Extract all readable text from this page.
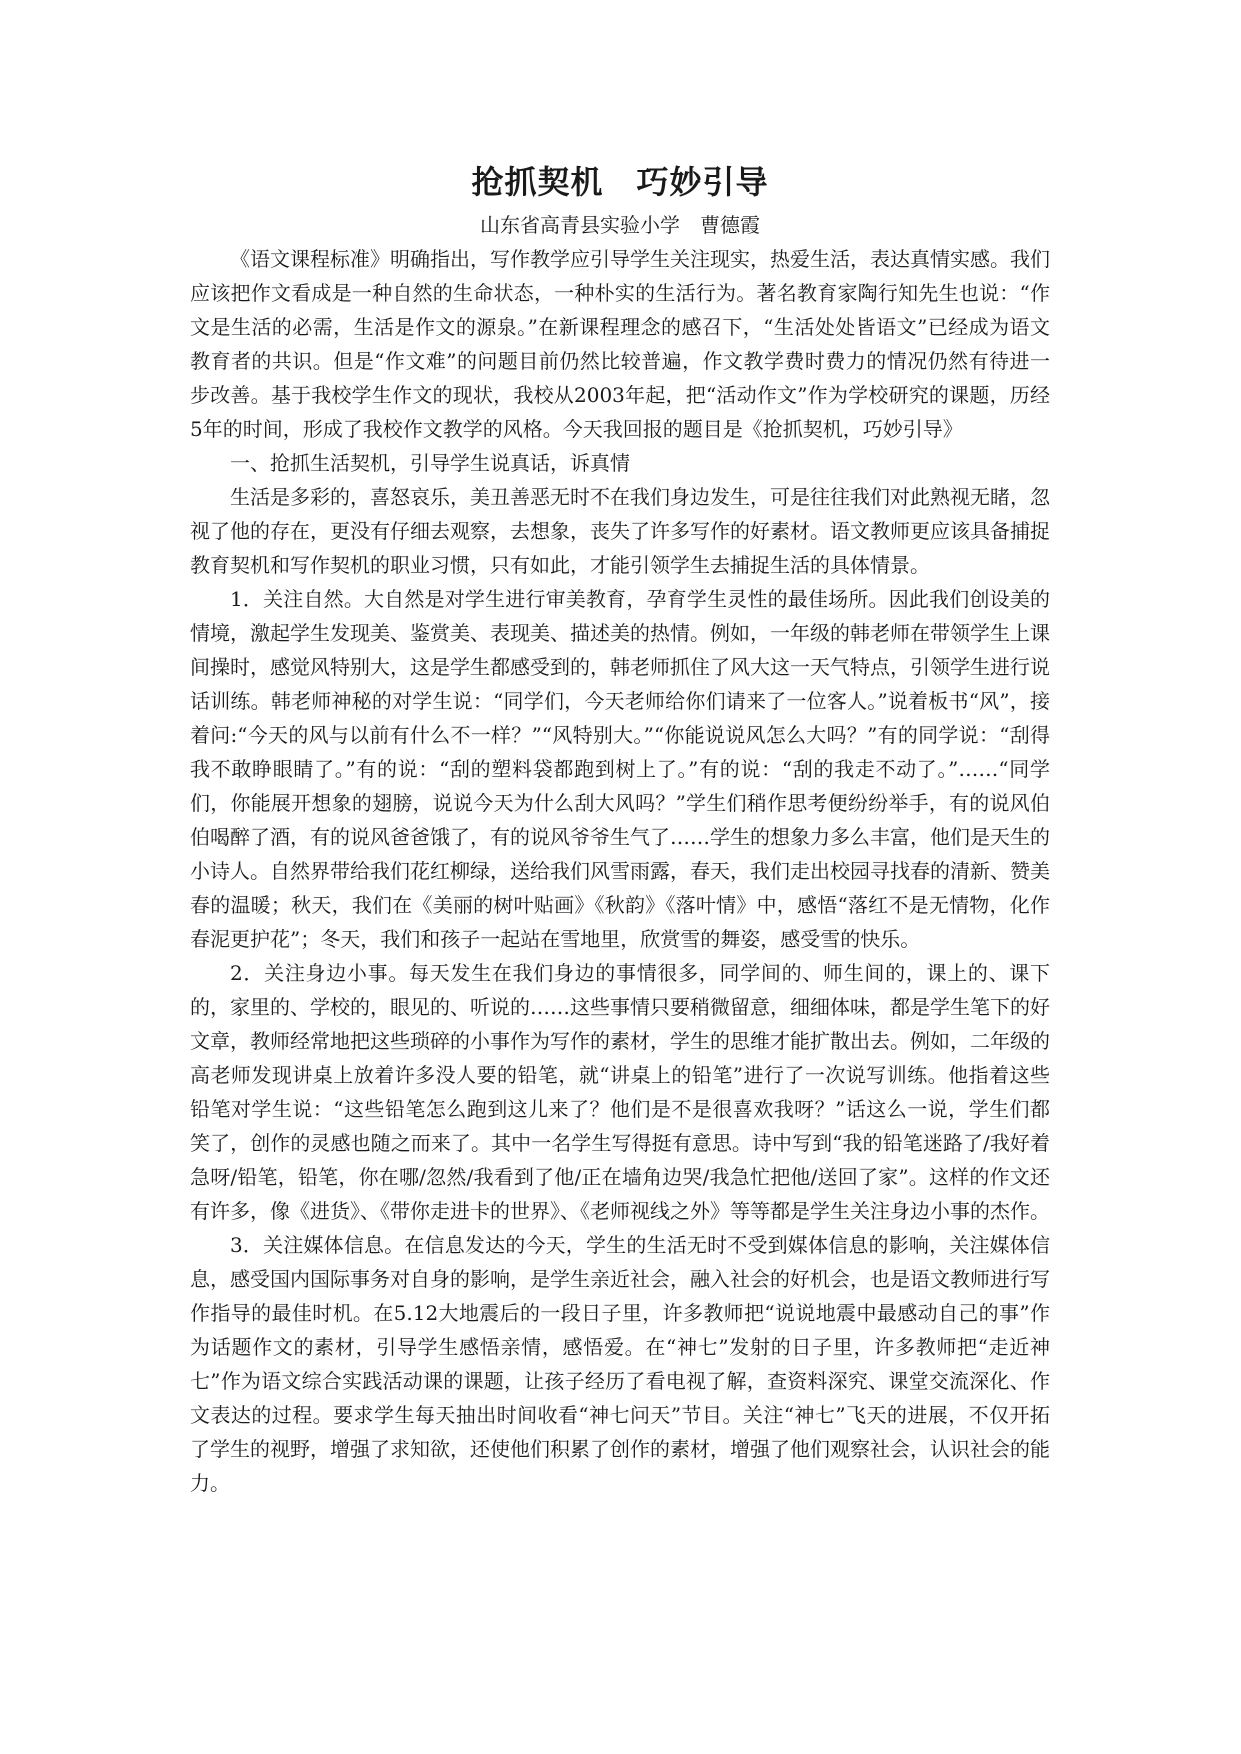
抢抓契机　巧妙引导

山东省高青县实验小学　曹德霞

《语文课程标准》明确指出，写作教学应引导学生关注现实，热爱生活，表达真情实感。我们应该把作文看成是一种自然的生命状态，一种朴实的生活行为。著名教育家陶行知先生也说：“作文是生活的必需，生活是作文的源泉。”在新课程理念的感召下，“生活处处皆语文”已经成为语文教育者的共识。但是“作文难”的问题目前仍然比较普遍，作文教学费时费力的情况仍然有待进一步改善。基于我校学生作文的现状，我校从2003年起，把“活动作文”作为学校研究的课题，历经5年的时间，形成了我校作文教学的风格。今天我回报的题目是《抢抓契机，巧妙引导》

一、抢抓生活契机，引导学生说真话，诉真情

生活是多彩的，喜怒哀乐，美丑善恶无时不在我们身边发生，可是往往我们对此熟视无睹，忽视了他的存在，更没有仔细去观察，去想象，丧失了许多写作的好素材。语文教师更应该具备捕捉教育契机和写作契机的职业习惯，只有如此，才能引领学生去捕捉生活的具体情景。

1．关注自然。大自然是对学生进行审美教育，孕育学生灵性的最佳场所。因此我们创设美的情境，激起学生发现美、鉴赏美、表现美、描述美的热情。例如，一年级的韩老师在带领学生上课间操时，感觉风特别大，这是学生都感受到的，韩老师抓住了风大这一天气特点，引领学生进行说话训练。韩老师神秘的对学生说：“同学们，今天老师给你们请来了一位客人。”说着板书“风”，接着问:“今天的风与以前有什么不一样？”“风特别大。”“你能说说风怎么大吗？”有的同学说：“刮得我不敢睁眼睛了。”有的说：“刮的塑料袋都跑到树上了。”有的说：“刮的我走不动了。”……“同学们，你能展开想象的翅膀，说说今天为什么刮大风吗？”学生们稍作思考便纷纷举手，有的说风伯伯喝醉了酒，有的说风爸爸饿了，有的说风爷爷生气了……学生的想象力多么丰富，他们是天生的小诗人。自然界带给我们花红柳绿，送给我们风雪雨露，春天，我们走出校园寻找春的清新、赞美春的温暖；秋天，我们在《美丽的树叶贴画》《秋韵》《落叶情》中，感悟“落红不是无情物，化作春泥更护花”；冬天，我们和孩子一起站在雪地里，欣赏雪的舞姿，感受雪的快乐。

2．关注身边小事。每天发生在我们身边的事情很多，同学间的、师生间的，课上的、课下的，家里的、学校的，眼见的、听说的……这些事情只要稍微留意，细细体味，都是学生笔下的好文章，教师经常地把这些琐碎的小事作为写作的素材，学生的思维才能扩散出去。例如，二年级的高老师发现讲桌上放着许多没人要的铅笔，就“讲桌上的铅笔”进行了一次说写训练。他指着这些铅笔对学生说：“这些铅笔怎么跑到这儿来了？他们是不是很喜欢我呀？”话这么一说，学生们都笑了，创作的灵感也随之而来了。其中一名学生写得挺有意思。诗中写到“我的铅笔迷路了/我好着急呀/铅笔，铅笔，你在哪/忽然/我看到了他/正在墙角边哭/我急忙把他/送回了家”。这样的作文还有许多，像《进货》、《带你走进卡的世界》、《老师视线之外》等等都是学生关注身边小事的杰作。

3．关注媒体信息。在信息发达的今天，学生的生活无时不受到媒体信息的影响，关注媒体信息，感受国内国际事务对自身的影响，是学生亲近社会，融入社会的好机会，也是语文教师进行写作指导的最佳时机。在5.12大地震后的一段日子里，许多教师把“说说地震中最感动自己的事”作为话题作文的素材，引导学生感悟亲情，感悟爱。在“神七”发射的日子里，许多教师把“走近神七”作为语文综合实践活动课的课题，让孩子经历了看电视了解，查资料深究、课堂交流深化、作文表达的过程。要求学生每天抽出时间收看“神七问天”节目。关注“神七”飞天的进展，不仅开拓了学生的视野，增强了求知欲，还使他们积累了创作的素材，增强了他们观察社会，认识社会的能力。
